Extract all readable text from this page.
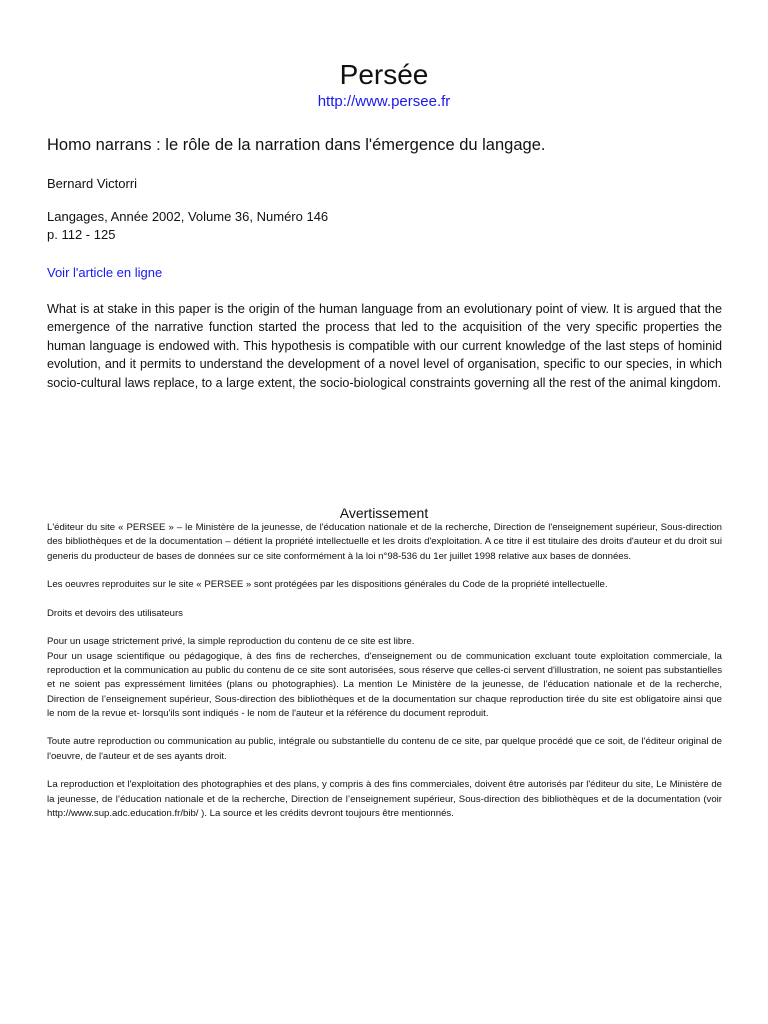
Persée
http://www.persee.fr
Homo narrans : le rôle de la narration dans l'émergence du langage.
Bernard Victorri
Langages, Année 2002, Volume 36, Numéro 146
p. 112 - 125
Voir l'article en ligne
What is at stake in this paper is the origin of the human language from an evolutionary point of view. It is argued that the emergence of the narrative function started the process that led to the acquisition of the very specific properties the human language is endowed with. This hypothesis is compatible with our current knowledge of the last steps of hominid evolution, and it permits to understand the development of a novel level of organisation, specific to our species, in which socio-cultural laws replace, to a large extent, the socio-biological constraints governing all the rest of the animal kingdom.
Avertissement

L'éditeur du site « PERSEE » – le Ministère de la jeunesse, de l'éducation nationale et de la recherche, Direction de l'enseignement supérieur, Sous-direction des bibliothèques et de la documentation – détient la propriété intellectuelle et les droits d'exploitation. A ce titre il est titulaire des droits d'auteur et du droit sui generis du producteur de bases de données sur ce site conformément à la loi n°98-536 du 1er juillet 1998 relative aux bases de données.

Les oeuvres reproduites sur le site « PERSEE » sont protégées par les dispositions générales du Code de la propriété intellectuelle.

Droits et devoirs des utilisateurs

Pour un usage strictement privé, la simple reproduction du contenu de ce site est libre.
Pour un usage scientifique ou pédagogique, à des fins de recherches, d'enseignement ou de communication excluant toute exploitation commerciale, la reproduction et la communication au public du contenu de ce site sont autorisées, sous réserve que celles-ci servent d'illustration, ne soient pas substantielles et ne soient pas expressément limitées (plans ou photographies). La mention Le Ministère de la jeunesse, de l’éducation nationale et de la recherche, Direction de l’enseignement supérieur, Sous-direction des bibliothèques et de la documentation sur chaque reproduction tirée du site est obligatoire ainsi que le nom de la revue et- lorsqu'ils sont indiqués - le nom de l'auteur et la référence du document reproduit.

Toute autre reproduction ou communication au public, intégrale ou substantielle du contenu de ce site, par quelque procédé que ce soit, de l'éditeur original de l'oeuvre, de l'auteur et de ses ayants droit.

La reproduction et l'exploitation des photographies et des plans, y compris à des fins commerciales, doivent être autorisés par l'éditeur du site, Le Ministère de la jeunesse, de l’éducation nationale et de la recherche, Direction de l’enseignement supérieur, Sous-direction des bibliothèques et de la documentation (voir http://www.sup.adc.education.fr/bib/ ). La source et les crédits devront toujours être mentionnés.
